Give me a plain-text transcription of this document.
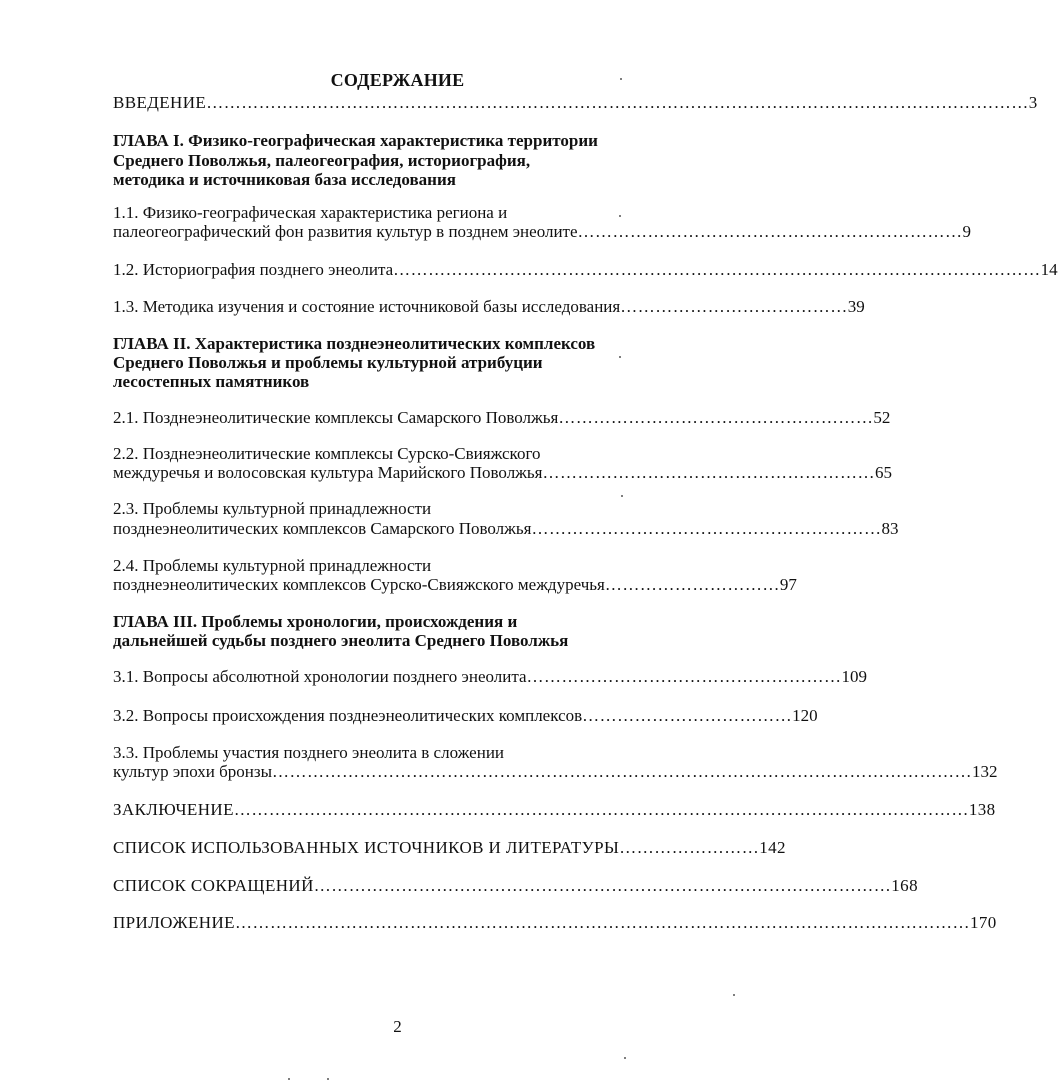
СОДЕРЖАНИЕ
ВВЕДЕНИЕ …………………………………………………………………………………………………………………………… 3
ГЛАВА I. Физико-географическая характеристика территории
Среднего Поволжья, палеогеография, историография,
методика и источниковая база исследования
1.1. Физико-географическая характеристика региона и
палеогеографический фон развития культур в позднем энеолите ………………………………………………………… 9
1.2. Историография позднего энеолита ………………………………………………………………………………………………… 14
1.3. Методика изучения и состояние источниковой базы исследования ………………………………… 39
ГЛАВА II. Характеристика позднеэнеолитических комплексов
Среднего Поволжья и проблемы культурной атрибуции
лесостепных памятников
2.1. Позднеэнеолитические комплексы Самарского Поволжья ……………………………………………… 52
2.2. Позднеэнеолитические комплексы Сурско-Свияжского
междуречья и волосовская культура Марийского Поволжья ………………………………………………… 65
2.3. Проблемы культурной принадлежности
позднеэнеолитических комплексов Самарского Поволжья …………………………………………………… 83
2.4. Проблемы культурной принадлежности
позднеэнеолитических комплексов Сурско-Свияжского междуречья ………………………… 97
ГЛАВА III. Проблемы хронологии, происхождения и
дальнейшей судьбы позднего энеолита Среднего Поволжья
3.1. Вопросы абсолютной хронологии позднего энеолита ……………………………………………… 109
3.2. Вопросы происхождения позднеэнеолитических комплексов ……………………………… 120
3.3. Проблемы участия позднего энеолита в сложении
культур эпохи бронзы ………………………………………………………………………………………………………… 132
ЗАКЛЮЧЕНИЕ ……………………………………………………………………………………………………………… 138
СПИСОК ИСПОЛЬЗОВАННЫХ ИСТОЧНИКОВ И ЛИТЕРАТУРЫ …………………… 142
СПИСОК СОКРАЩЕНИЙ ……………………………………………………………………………………… 168
ПРИЛОЖЕНИЕ ……………………………………………………………………………………………………………… 170
2
